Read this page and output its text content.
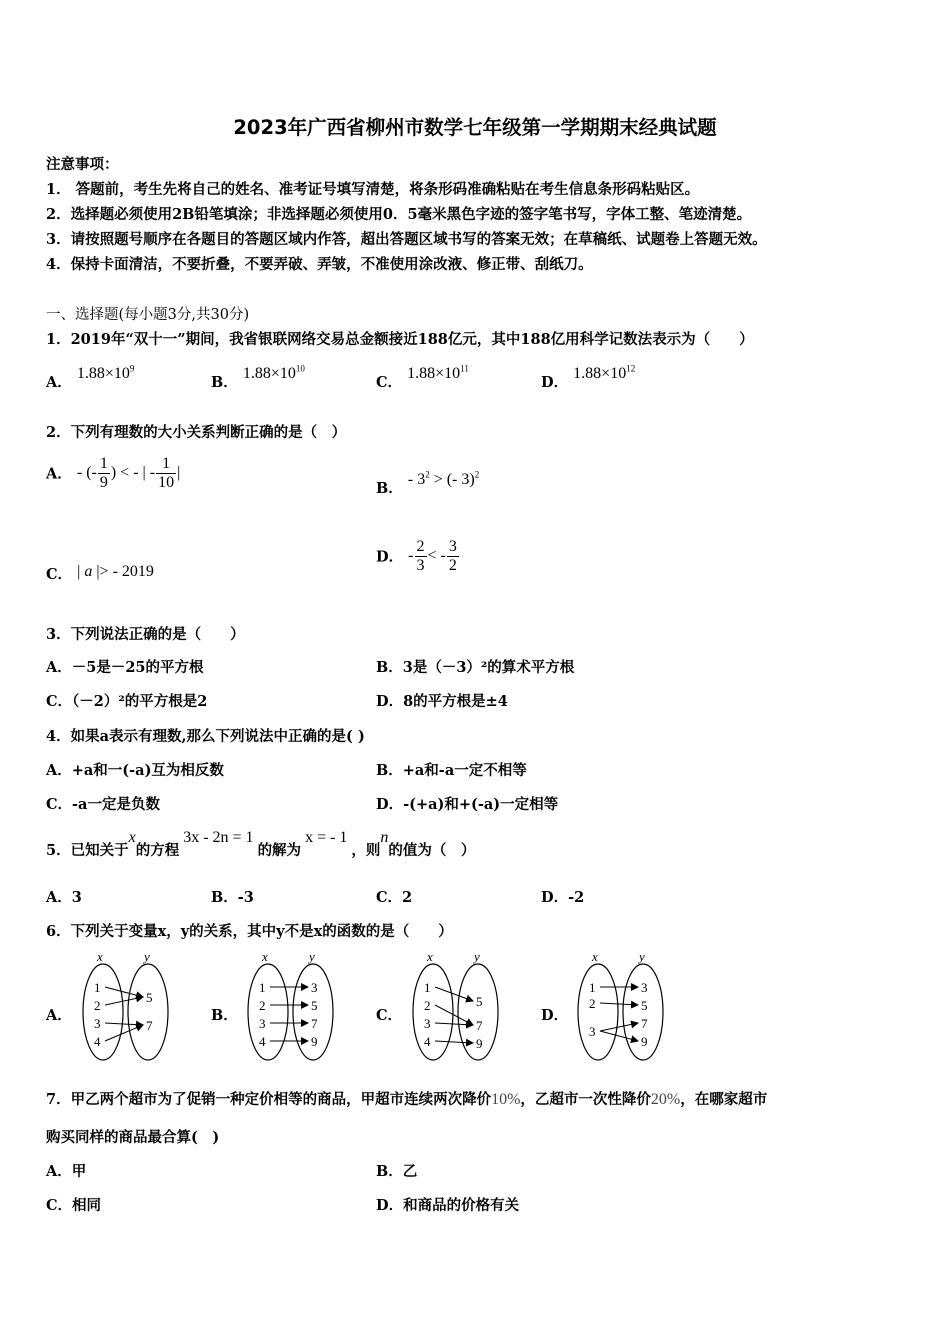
2023年广西省柳州市数学七年级第一学期期末经典试题
注意事项：
1． 答题前，考生先将自己的姓名、准考证号填写清楚，将条形码准确粘贴在考生信息条形码粘贴区。
2．选择题必须使用2B铅笔填涂；非选择题必须使用0．5毫米黑色字迹的签字笔书写，字体工整、笔迹清楚。
3．请按照题号顺序在各题目的答题区域内作答，超出答题区域书写的答案无效；在草稿纸、试题卷上答题无效。
4．保持卡面清洁，不要折叠，不要弄破、弄皱，不准使用涂改液、修正带、刮纸刀。
一、选择题(每小题3分,共30分)
1．2019年“双十一”期间，我省银联网络交易总金额接近188亿元，其中188亿用科学记数法表示为（　　）
A． $1.88\times 10^9$
B． $1.88\times 10^{10}$
C． $1.88\times 10^{11}$
D． $1.88\times 10^{12}$
2．下列有理数的大小关系判断正确的是（　）
A． - (- $\frac{1}{9}$ ) < - | - $\frac{1}{10}$ |
B． - $3^2$ > (- 3)$^2$
C． | a |> - 2019
D． - $\frac{2}{3}$ < - $\frac{3}{2}$
3．下列说法正确的是（　　）
A．－5是－25的平方根	B．3是（－3）²的算术平方根
C．（－2）²的平方根是2	D．8的平方根是±4
4．如果a表示有理数,那么下列说法中正确的是( )
A．+a和一(-a)互为相反数	B．+a和-a一定不相等
C．-a一定是负数	D．-(+a)和+(-a)一定相等
5．已知关于x的方程3x - 2n = 1的解为x = - 1，则n的值为（　）
A．3	B．-3	C．2	D．-2
6．下列关于变量x，y的关系，其中y不是x的函数的是（　　）
x	y
1
2
3
4
5
7
x	y
1
2
3
4
3
5
7
9
x	y
1
2
3
4
5
7
9
x	y
1
2
3
3
5
7
9
A．	B．	C．	D．
7．甲乙两个超市为了促销一种定价相等的商品，甲超市连续两次降价10%，乙超市一次性降价20%，在哪家超市
购买同样的商品最合算(　)
A．甲	B．乙
C．相同	D．和商品的价格有关
